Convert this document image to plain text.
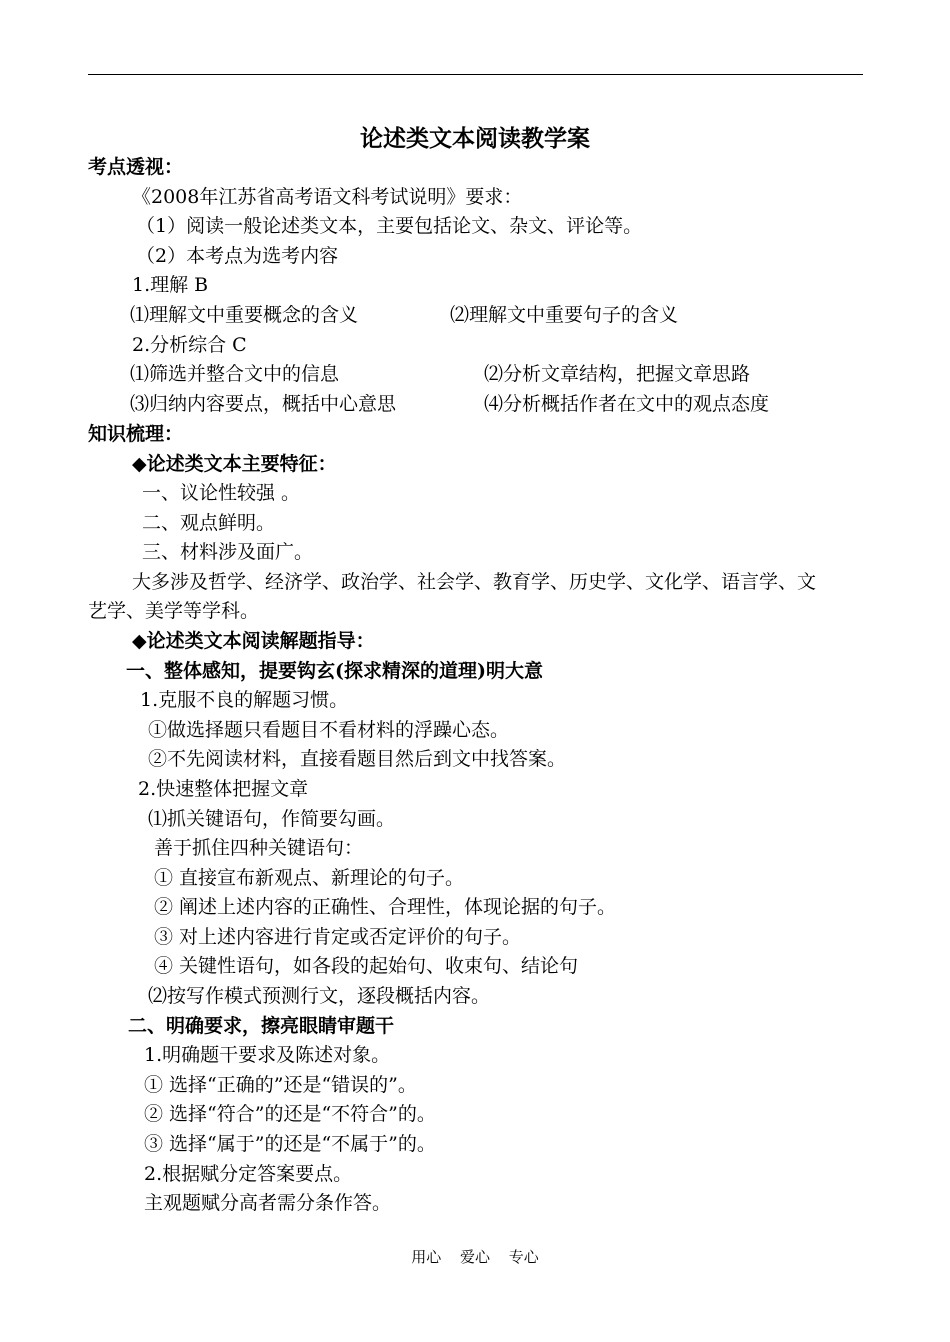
论述类文本阅读教学案
考点透视：
《2008年江苏省高考语文科考试说明》要求：
（1）阅读一般论述类文本，主要包括论文、杂文、评论等。
（2）本考点为选考内容
1.理解 B
⑴理解文中重要概念的含义	⑵理解文中重要句子的含义
2.分析综合 C
⑴筛选并整合文中的信息	⑵分析文章结构，把握文章思路
⑶归纳内容要点，概括中心意思	⑷分析概括作者在文中的观点态度
知识梳理：
◆论述类文本主要特征：
一、议论性较强 。
二、观点鲜明。
三、材料涉及面广。
大多涉及哲学、经济学、政治学、社会学、教育学、历史学、文化学、语言学、文
艺学、美学等学科。
◆论述类文本阅读解题指导：
一、整体感知，提要钩玄(探求精深的道理)明大意
1.克服不良的解题习惯。
①做选择题只看题目不看材料的浮躁心态。
②不先阅读材料，直接看题目然后到文中找答案。
2.快速整体把握文章
⑴抓关键语句，作简要勾画。
善于抓住四种关键语句：
① 直接宣布新观点、新理论的句子。
② 阐述上述内容的正确性、合理性，体现论据的句子。
③ 对上述内容进行肯定或否定评价的句子。
④ 关键性语句，如各段的起始句、收束句、结论句
⑵按写作模式预测行文，逐段概括内容。
二、明确要求，擦亮眼睛审题干
1.明确题干要求及陈述对象。
① 选择“正确的”还是“错误的”。
② 选择“符合”的还是“不符合”的。
③ 选择“属于”的还是“不属于”的。
2.根据赋分定答案要点。
主观题赋分高者需分条作答。
用心 爱心 专心
